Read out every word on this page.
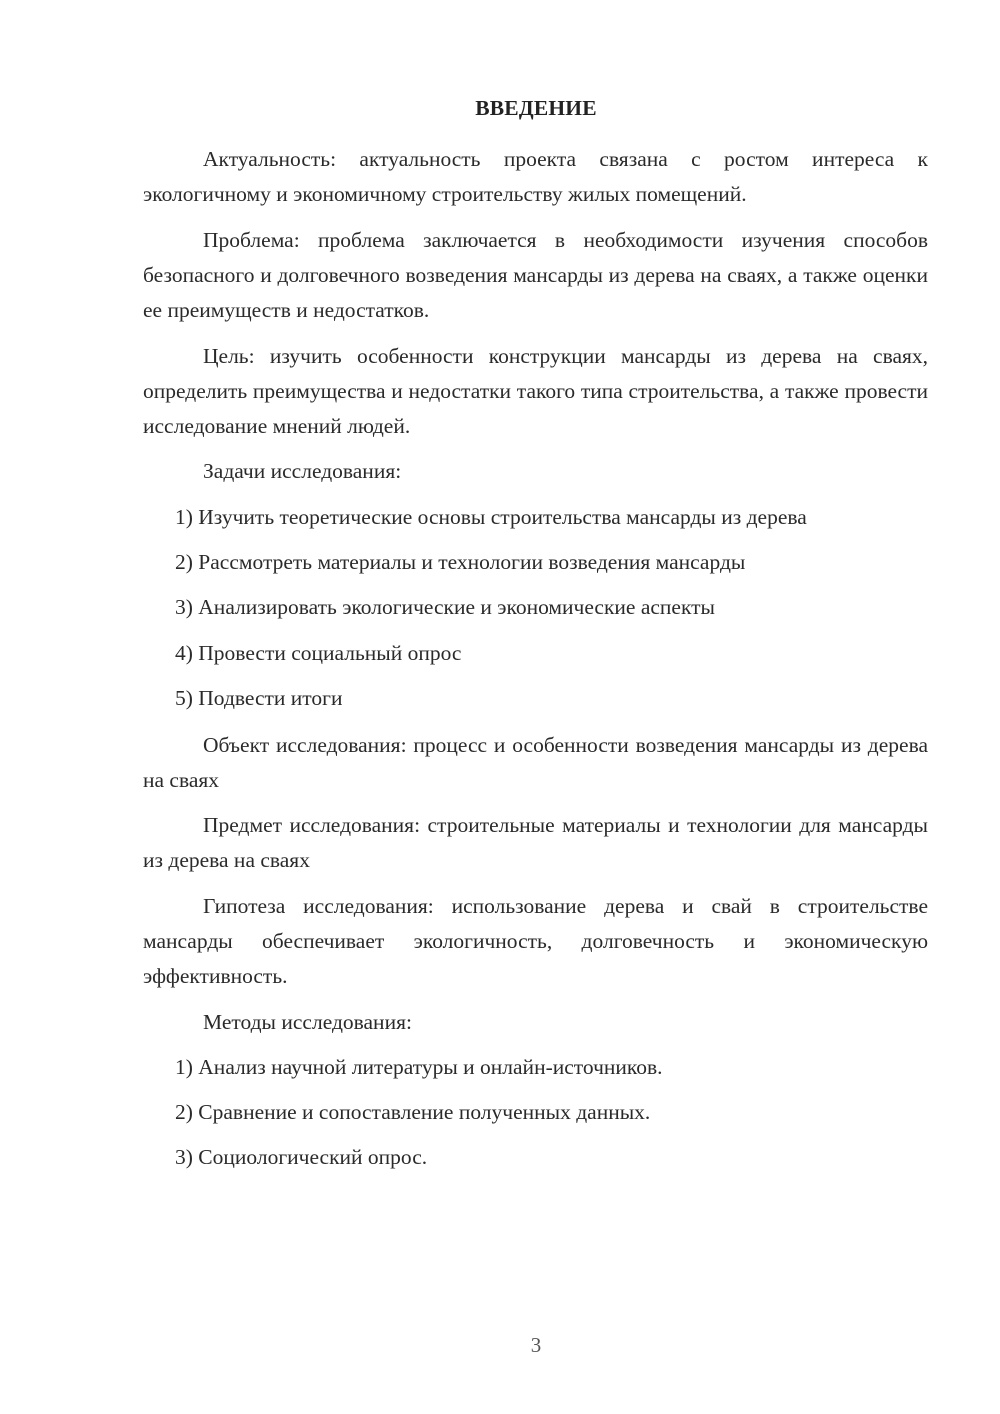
ВВЕДЕНИЕ

Актуальность: актуальность проекта связана с ростом интереса к экологичному и экономичному строительству жилых помещений.

Проблема: проблема заключается в необходимости изучения способов безопасного и долговечного возведения мансарды из дерева на сваях, а также оценки ее преимуществ и недостатков.

Цель: изучить особенности конструкции мансарды из дерева на сваях, определить преимущества и недостатки такого типа строительства, а также провести исследование мнений людей.

Задачи исследования:

1) Изучить теоретические основы строительства мансарды из дерева

2) Рассмотреть материалы и технологии возведения мансарды

3) Анализировать экологические и экономические аспекты

4) Провести социальный опрос

5) Подвести итоги

Объект исследования: процесс и особенности возведения мансарды из дерева на сваях

Предмет исследования: строительные материалы и технологии для мансарды из дерева на сваях

Гипотеза исследования: использование дерева и свай в строительстве мансарды обеспечивает экологичность, долговечность и экономическую эффективность.

Методы исследования:

1) Анализ научной литературы и онлайн-источников.

2) Сравнение и сопоставление полученных данных.

3) Социологический опрос.

3
